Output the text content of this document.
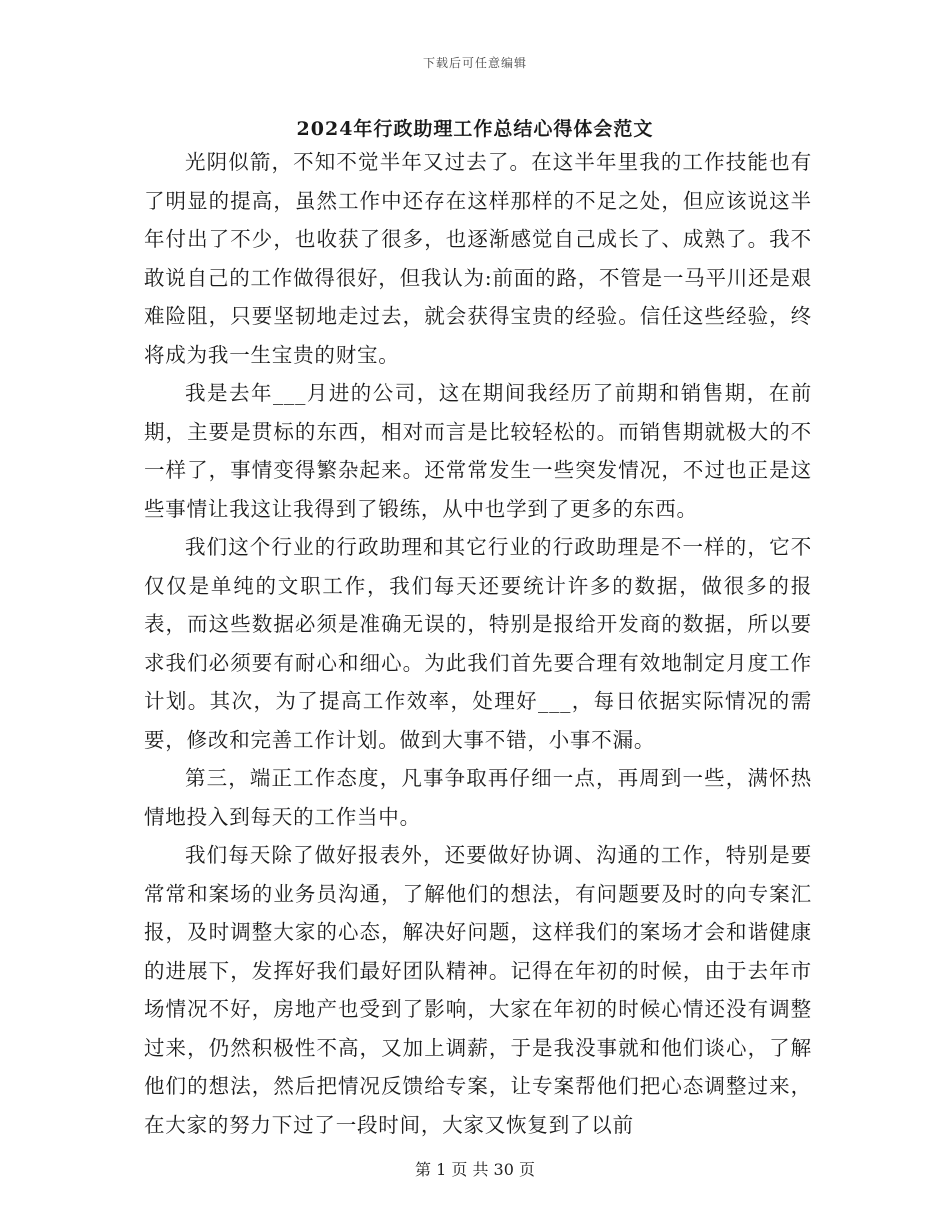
下载后可任意编辑
2024年行政助理工作总结心得体会范文

光阴似箭，不知不觉半年又过去了。在这半年里我的工作技能也有了明显的提高，虽然工作中还存在这样那样的不足之处，但应该说这半年付出了不少，也收获了很多，也逐渐感觉自己成长了、成熟了。我不敢说自己的工作做得很好，但我认为:前面的路，不管是一马平川还是艰难险阻，只要坚韧地走过去，就会获得宝贵的经验。信任这些经验，终将成为我一生宝贵的财宝。

我是去年___月进的公司，这在期间我经历了前期和销售期，在前期，主要是贯标的东西，相对而言是比较轻松的。而销售期就极大的不一样了，事情变得繁杂起来。还常常发生一些突发情况，不过也正是这些事情让我这让我得到了锻练，从中也学到了更多的东西。

我们这个行业的行政助理和其它行业的行政助理是不一样的，它不仅仅是单纯的文职工作，我们每天还要统计许多的数据，做很多的报表，而这些数据必须是准确无误的，特别是报给开发商的数据，所以要求我们必须要有耐心和细心。为此我们首先要合理有效地制定月度工作计划。其次，为了提高工作效率，处理好___，每日依据实际情况的需要，修改和完善工作计划。做到大事不错，小事不漏。

第三，端正工作态度，凡事争取再仔细一点，再周到一些，满怀热情地投入到每天的工作当中。

我们每天除了做好报表外，还要做好协调、沟通的工作，特别是要常常和案场的业务员沟通，了解他们的想法，有问题要及时的向专案汇报，及时调整大家的心态，解决好问题，这样我们的案场才会和谐健康的进展下，发挥好我们最好团队精神。记得在年初的时候，由于去年市场情况不好，房地产也受到了影响，大家在年初的时候心情还没有调整过来，仍然积极性不高，又加上调薪，于是我没事就和他们谈心，了解他们的想法，然后把情况反馈给专案，让专案帮他们把心态调整过来，在大家的努力下过了一段时间，大家又恢复到了以前

第 1 页 共 30 页
